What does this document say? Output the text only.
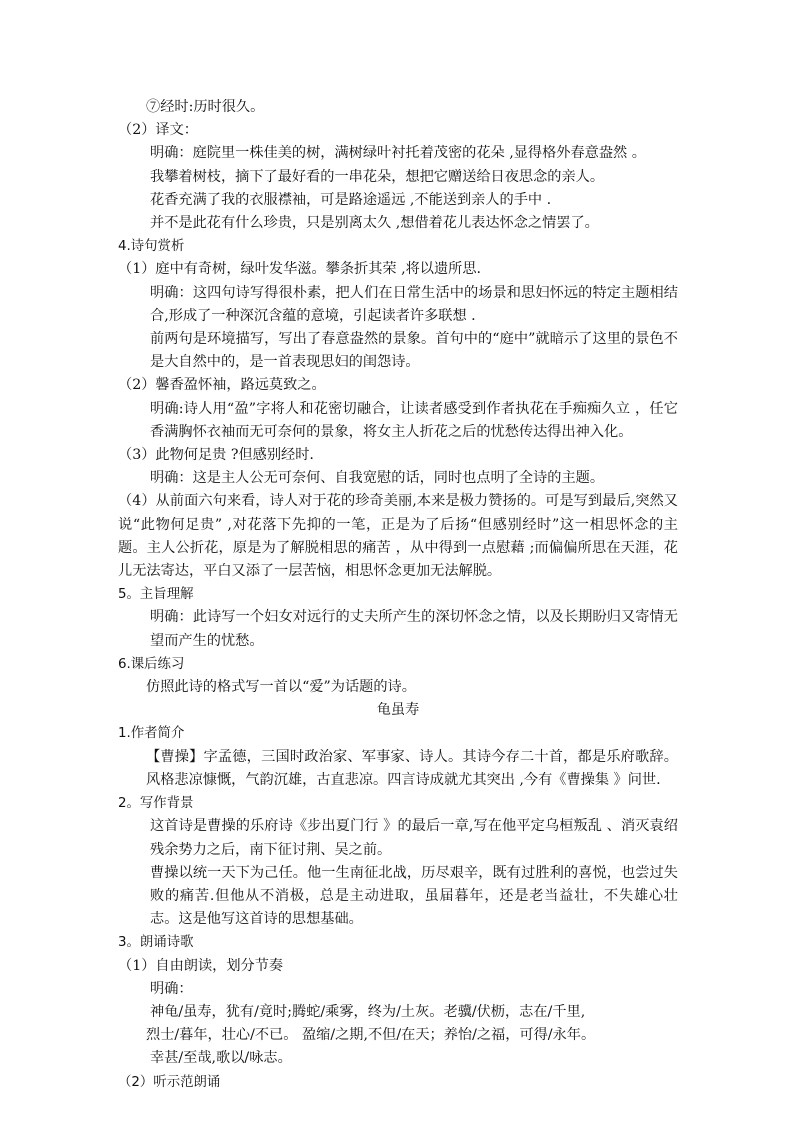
⑦经时:历时很久。

（2）译文：

明确：庭院里一株佳美的树，满树绿叶衬托着茂密的花朵 ,显得格外春意盎然 。

我攀着树枝，摘下了最好看的一串花朵，想把它赠送给日夜思念的亲人。

花香充满了我的衣服襟袖，可是路途遥远 ,不能送到亲人的手中 .

并不是此花有什么珍贵，只是别离太久 ,想借着花儿表达怀念之情罢了。

4.诗句赏析

（1）庭中有奇树，绿叶发华滋。攀条折其荣 ,将以遗所思.

明确：这四句诗写得很朴素，把人们在日常生活中的场景和思妇怀远的特定主题相结合,形成了一种深沉含蕴的意境，引起读者许多联想 .

前两句是环境描写，写出了春意盎然的景象。首句中的“庭中”就暗示了这里的景色不是大自然中的，是一首表现思妇的闺怨诗。

（2）馨香盈怀袖，路远莫致之。

明确:诗人用“盈”字将人和花密切融合，让读者感受到作者执花在手痴痴久立 ，任它香满胸怀衣袖而无可奈何的景象，将女主人折花之后的忧愁传达得出神入化。

（3）此物何足贵 ?但感别经时.

明确：这是主人公无可奈何、自我宽慰的话，同时也点明了全诗的主题。

（4）从前面六句来看，诗人对于花的珍奇美丽,本来是极力赞扬的。可是写到最后,突然又说“此物何足贵” ,对花落下先抑的一笔，正是为了后扬“但感别经时”这一相思怀念的主题。主人公折花，原是为了解脱相思的痛苦 ，从中得到一点慰藉 ;而偏偏所思在天涯，花儿无法寄达，平白又添了一层苦恼，相思怀念更加无法解脱。

5。主旨理解

明确：此诗写一个妇女对远行的丈夫所产生的深切怀念之情，以及长期盼归又寄情无望而产生的忧愁。

6.课后练习

仿照此诗的格式写一首以“爱”为话题的诗。

龟虽寿

1.作者简介

【曹操】字孟德，三国时政治家、军事家、诗人。其诗今存二十首，都是乐府歌辞。风格悲凉慷慨，气韵沉雄，古直悲凉。四言诗成就尤其突出 ,今有《曹操集 》问世.

2。写作背景

这首诗是曹操的乐府诗《步出夏门行 》的最后一章,写在他平定乌桓叛乱 、消灭袁绍残余势力之后，南下征讨荆、吴之前。

曹操以统一天下为己任。他一生南征北战，历尽艰辛，既有过胜利的喜悦，也尝过失败的痛苦.但他从不消极，总是主动进取，虽届暮年，还是老当益壮，不失雄心壮志。这是他写这首诗的思想基础。

3。朗诵诗歌

（1）自由朗读，划分节奏

明确：

神龟/虽寿，犹有/竟时;腾蛇/乘雾，终为/土灰。老骥/伏枥，志在/千里,

烈士/暮年，壮心/不已。 盈缩/之期,不但/在天；养怡/之福，可得/永年。

幸甚/至哉,歌以/咏志。

（2）听示范朗诵
